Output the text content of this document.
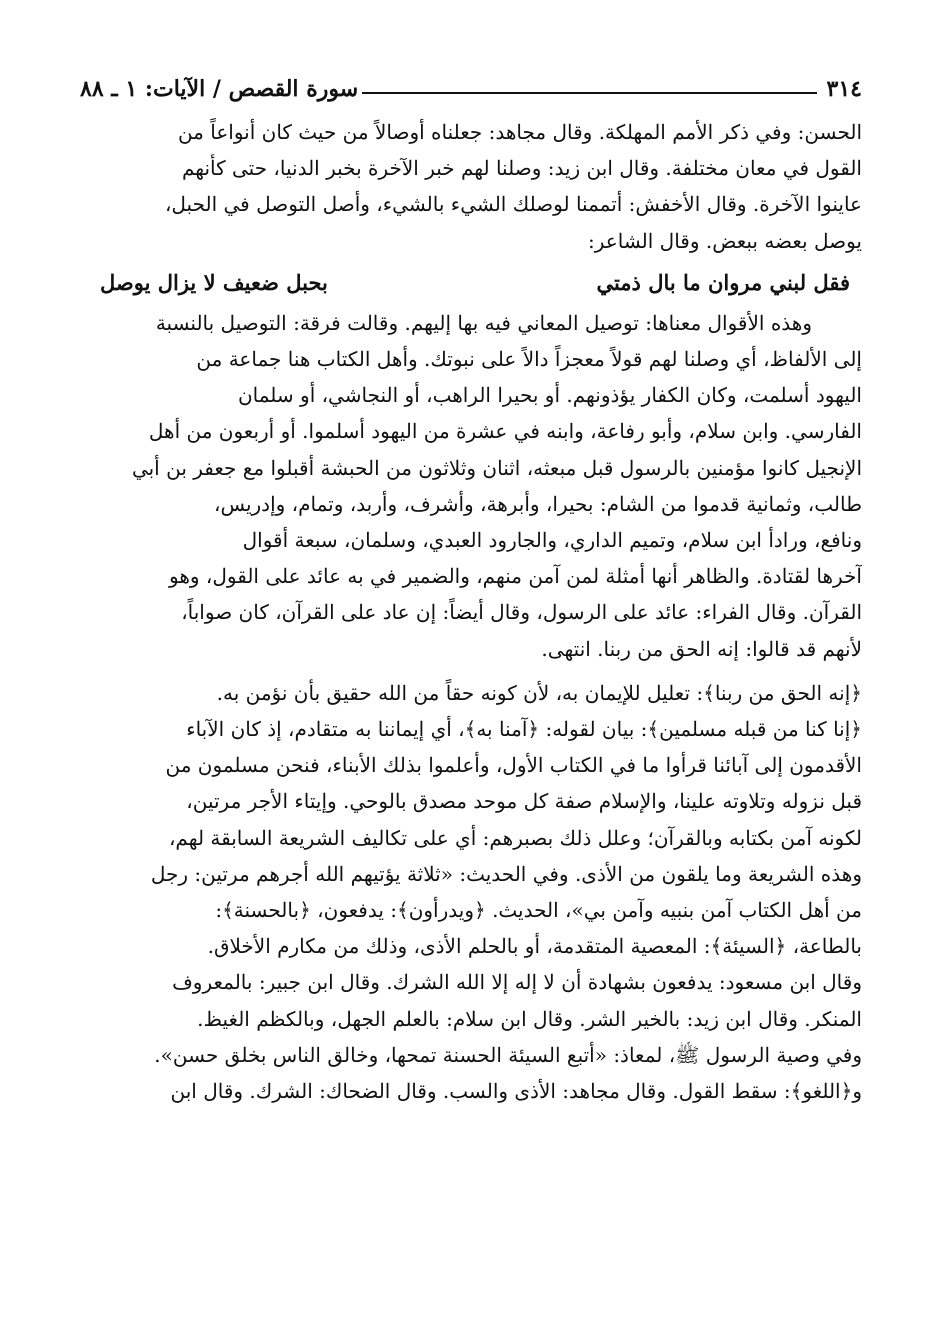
٣١٤
سورة القصص / الآيات: ١ ـ ٨٨
الحسن: وفي ذكر الأمم المهلكة. وقال مجاهد: جعلناه أوصالاً من حيث كان أنواعاً من
القول في معان مختلفة. وقال ابن زيد: وصلنا لهم خبر الآخرة بخبر الدنيا، حتى كأنهم
عاينوا الآخرة. وقال الأخفش: أتممنا لوصلك الشيء بالشيء، وأصل التوصل في الحبل،
يوصل بعضه ببعض. وقال الشاعر:
فقل لبني مروان ما بال ذمتي
بحبل ضعيف لا يزال يوصل
وهذه الأقوال معناها: توصيل المعاني فيه بها إليهم. وقالت فرقة: التوصيل بالنسبة
إلى الألفاظ، أي وصلنا لهم قولاً معجزاً دالاً على نبوتك. وأهل الكتاب هنا جماعة من
اليهود أسلمت، وكان الكفار يؤذونهم. أو بحيرا الراهب، أو النجاشي، أو سلمان
الفارسي. وابن سلام، وأبو رفاعة، وابنه في عشرة من اليهود أسلموا. أو أربعون من أهل
الإنجيل كانوا مؤمنين بالرسول قبل مبعثه، اثنان وثلاثون من الحبشة أقبلوا مع جعفر بن أبي
طالب، وثمانية قدموا من الشام: بحيرا، وأبرهة، وأشرف، وأربد، وتمام، وإدريس،
ونافع، ورادأ ابن سلام، وتميم الداري، والجارود العبدي، وسلمان، سبعة أقوال
آخرها لقتادة. والظاهر أنها أمثلة لمن آمن منهم، والضمير في به عائد على القول، وهو
القرآن. وقال الفراء: عائد على الرسول، وقال أيضاً: إن عاد على القرآن، كان صواباً،
لأنهم قد قالوا: إنه الحق من ربنا. انتهى.
﴿إنه الحق من ربنا﴾: تعليل للإيمان به، لأن كونه حقاً من الله حقيق بأن نؤمن به.
﴿إنا كنا من قبله مسلمين﴾: بيان لقوله: ﴿آمنا به﴾، أي إيماننا به متقادم، إذ كان الآباء
الأقدمون إلى آبائنا قرأوا ما في الكتاب الأول، وأعلموا بذلك الأبناء، فنحن مسلمون من
قبل نزوله وتلاوته علينا، والإسلام صفة كل موحد مصدق بالوحي. وإيتاء الأجر مرتين،
لكونه آمن بكتابه وبالقرآن؛ وعلل ذلك بصبرهم: أي على تكاليف الشريعة السابقة لهم،
وهذه الشريعة وما يلقون من الأذى. وفي الحديث: «ثلاثة يؤتيهم الله أجرهم مرتين: رجل
من أهل الكتاب آمن بنبيه وآمن بي»، الحديث. ﴿ويدرأون﴾: يدفعون، ﴿بالحسنة﴾:
بالطاعة، ﴿السيئة﴾: المعصية المتقدمة، أو بالحلم الأذى، وذلك من مكارم الأخلاق.
وقال ابن مسعود: يدفعون بشهادة أن لا إله إلا الله الشرك. وقال ابن جبير: بالمعروف
المنكر. وقال ابن زيد: بالخير الشر. وقال ابن سلام: بالعلم الجهل، وبالكظم الغيظ.
وفي وصية الرسول ﷺ، لمعاذ: «أتبع السيئة الحسنة تمحها، وخالق الناس بخلق حسن».
و﴿اللغو﴾: سقط القول. وقال مجاهد: الأذى والسب. وقال الضحاك: الشرك. وقال ابن
